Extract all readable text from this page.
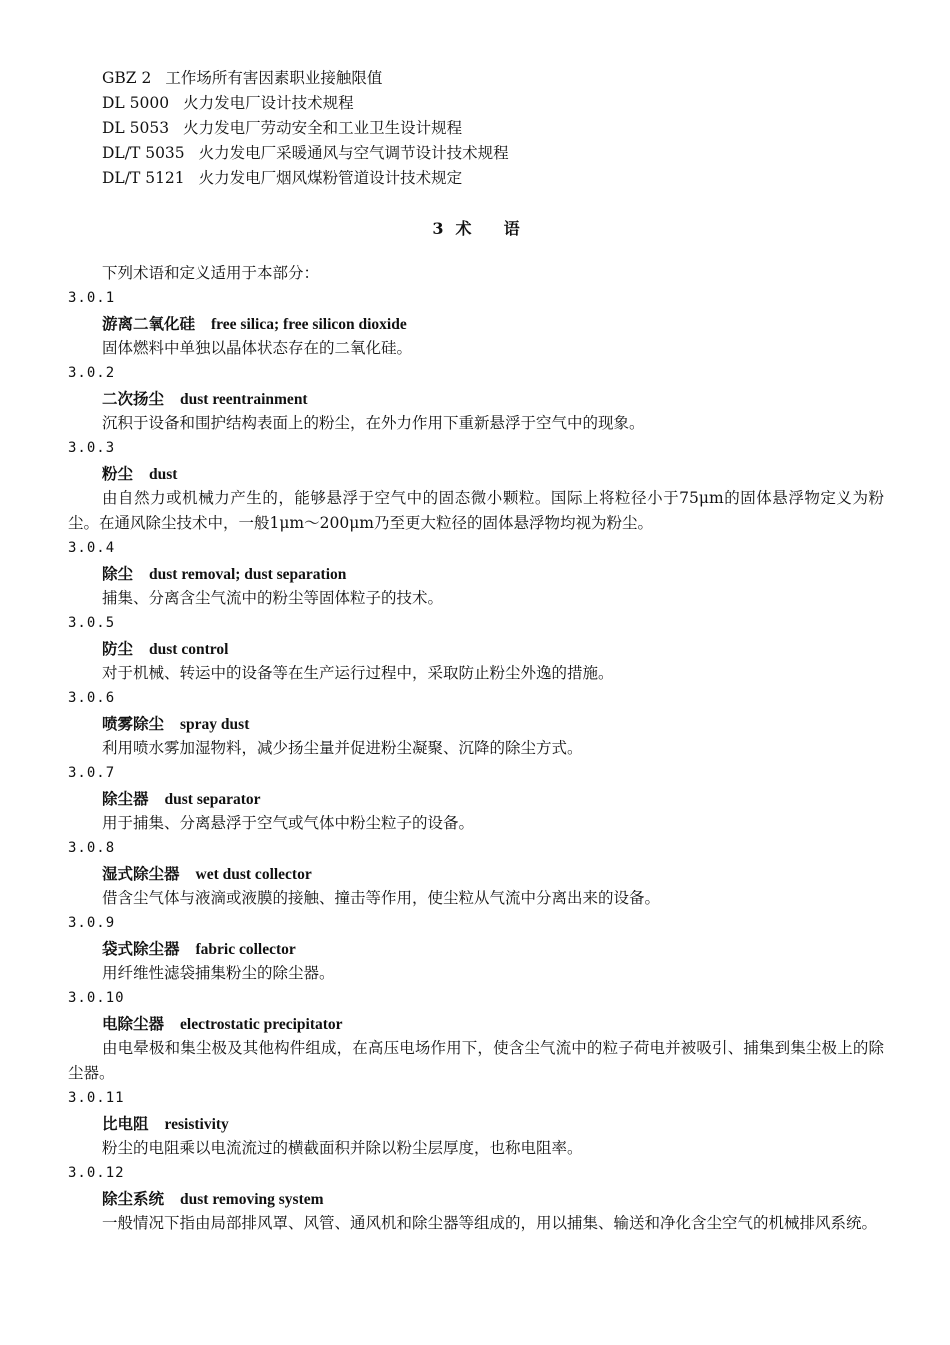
GBZ 2 工作场所有害因素职业接触限值
DL 5000 火力发电厂设计技术规程
DL 5053 火力发电厂劳动安全和工业卫生设计规程
DL/T 5035 火力发电厂采暖通风与空气调节设计技术规程
DL/T 5121 火力发电厂烟风煤粉管道设计技术规定
3 术 语
下列术语和定义适用于本部分：
3.0.1
游离二氧化硅 free silica; free silicon dioxide
固体燃料中单独以晶体状态存在的二氧化硅。
3.0.2
二次扬尘 dust reentrainment
沉积于设备和围护结构表面上的粉尘，在外力作用下重新悬浮于空气中的现象。
3.0.3
粉尘 dust
由自然力或机械力产生的，能够悬浮于空气中的固态微小颗粒。国际上将粒径小于75μm的固体悬浮物定义为粉尘。在通风除尘技术中，一般1μm～200μm乃至更大粒径的固体悬浮物均视为粉尘。
3.0.4
除尘 dust removal; dust separation
捕集、分离含尘气流中的粉尘等固体粒子的技术。
3.0.5
防尘 dust control
对于机械、转运中的设备等在生产运行过程中，采取防止粉尘外逸的措施。
3.0.6
喷雾除尘 spray dust
利用喷水雾加湿物料，减少扬尘量并促进粉尘凝聚、沉降的除尘方式。
3.0.7
除尘器 dust separator
用于捕集、分离悬浮于空气或气体中粉尘粒子的设备。
3.0.8
湿式除尘器 wet dust collector
借含尘气体与液滴或液膜的接触、撞击等作用，使尘粒从气流中分离出来的设备。
3.0.9
袋式除尘器 fabric collector
用纤维性滤袋捕集粉尘的除尘器。
3.0.10
电除尘器 electrostatic precipitator
由电晕极和集尘极及其他构件组成，在高压电场作用下，使含尘气流中的粒子荷电并被吸引、捕集到集尘极上的除尘器。
3.0.11
比电阻 resistivity
粉尘的电阻乘以电流流过的横截面积并除以粉尘层厚度，也称电阻率。
3.0.12
除尘系统 dust removing system
一般情况下指由局部排风罩、风管、通风机和除尘器等组成的，用以捕集、输送和净化含尘空气的机械排风系统。
